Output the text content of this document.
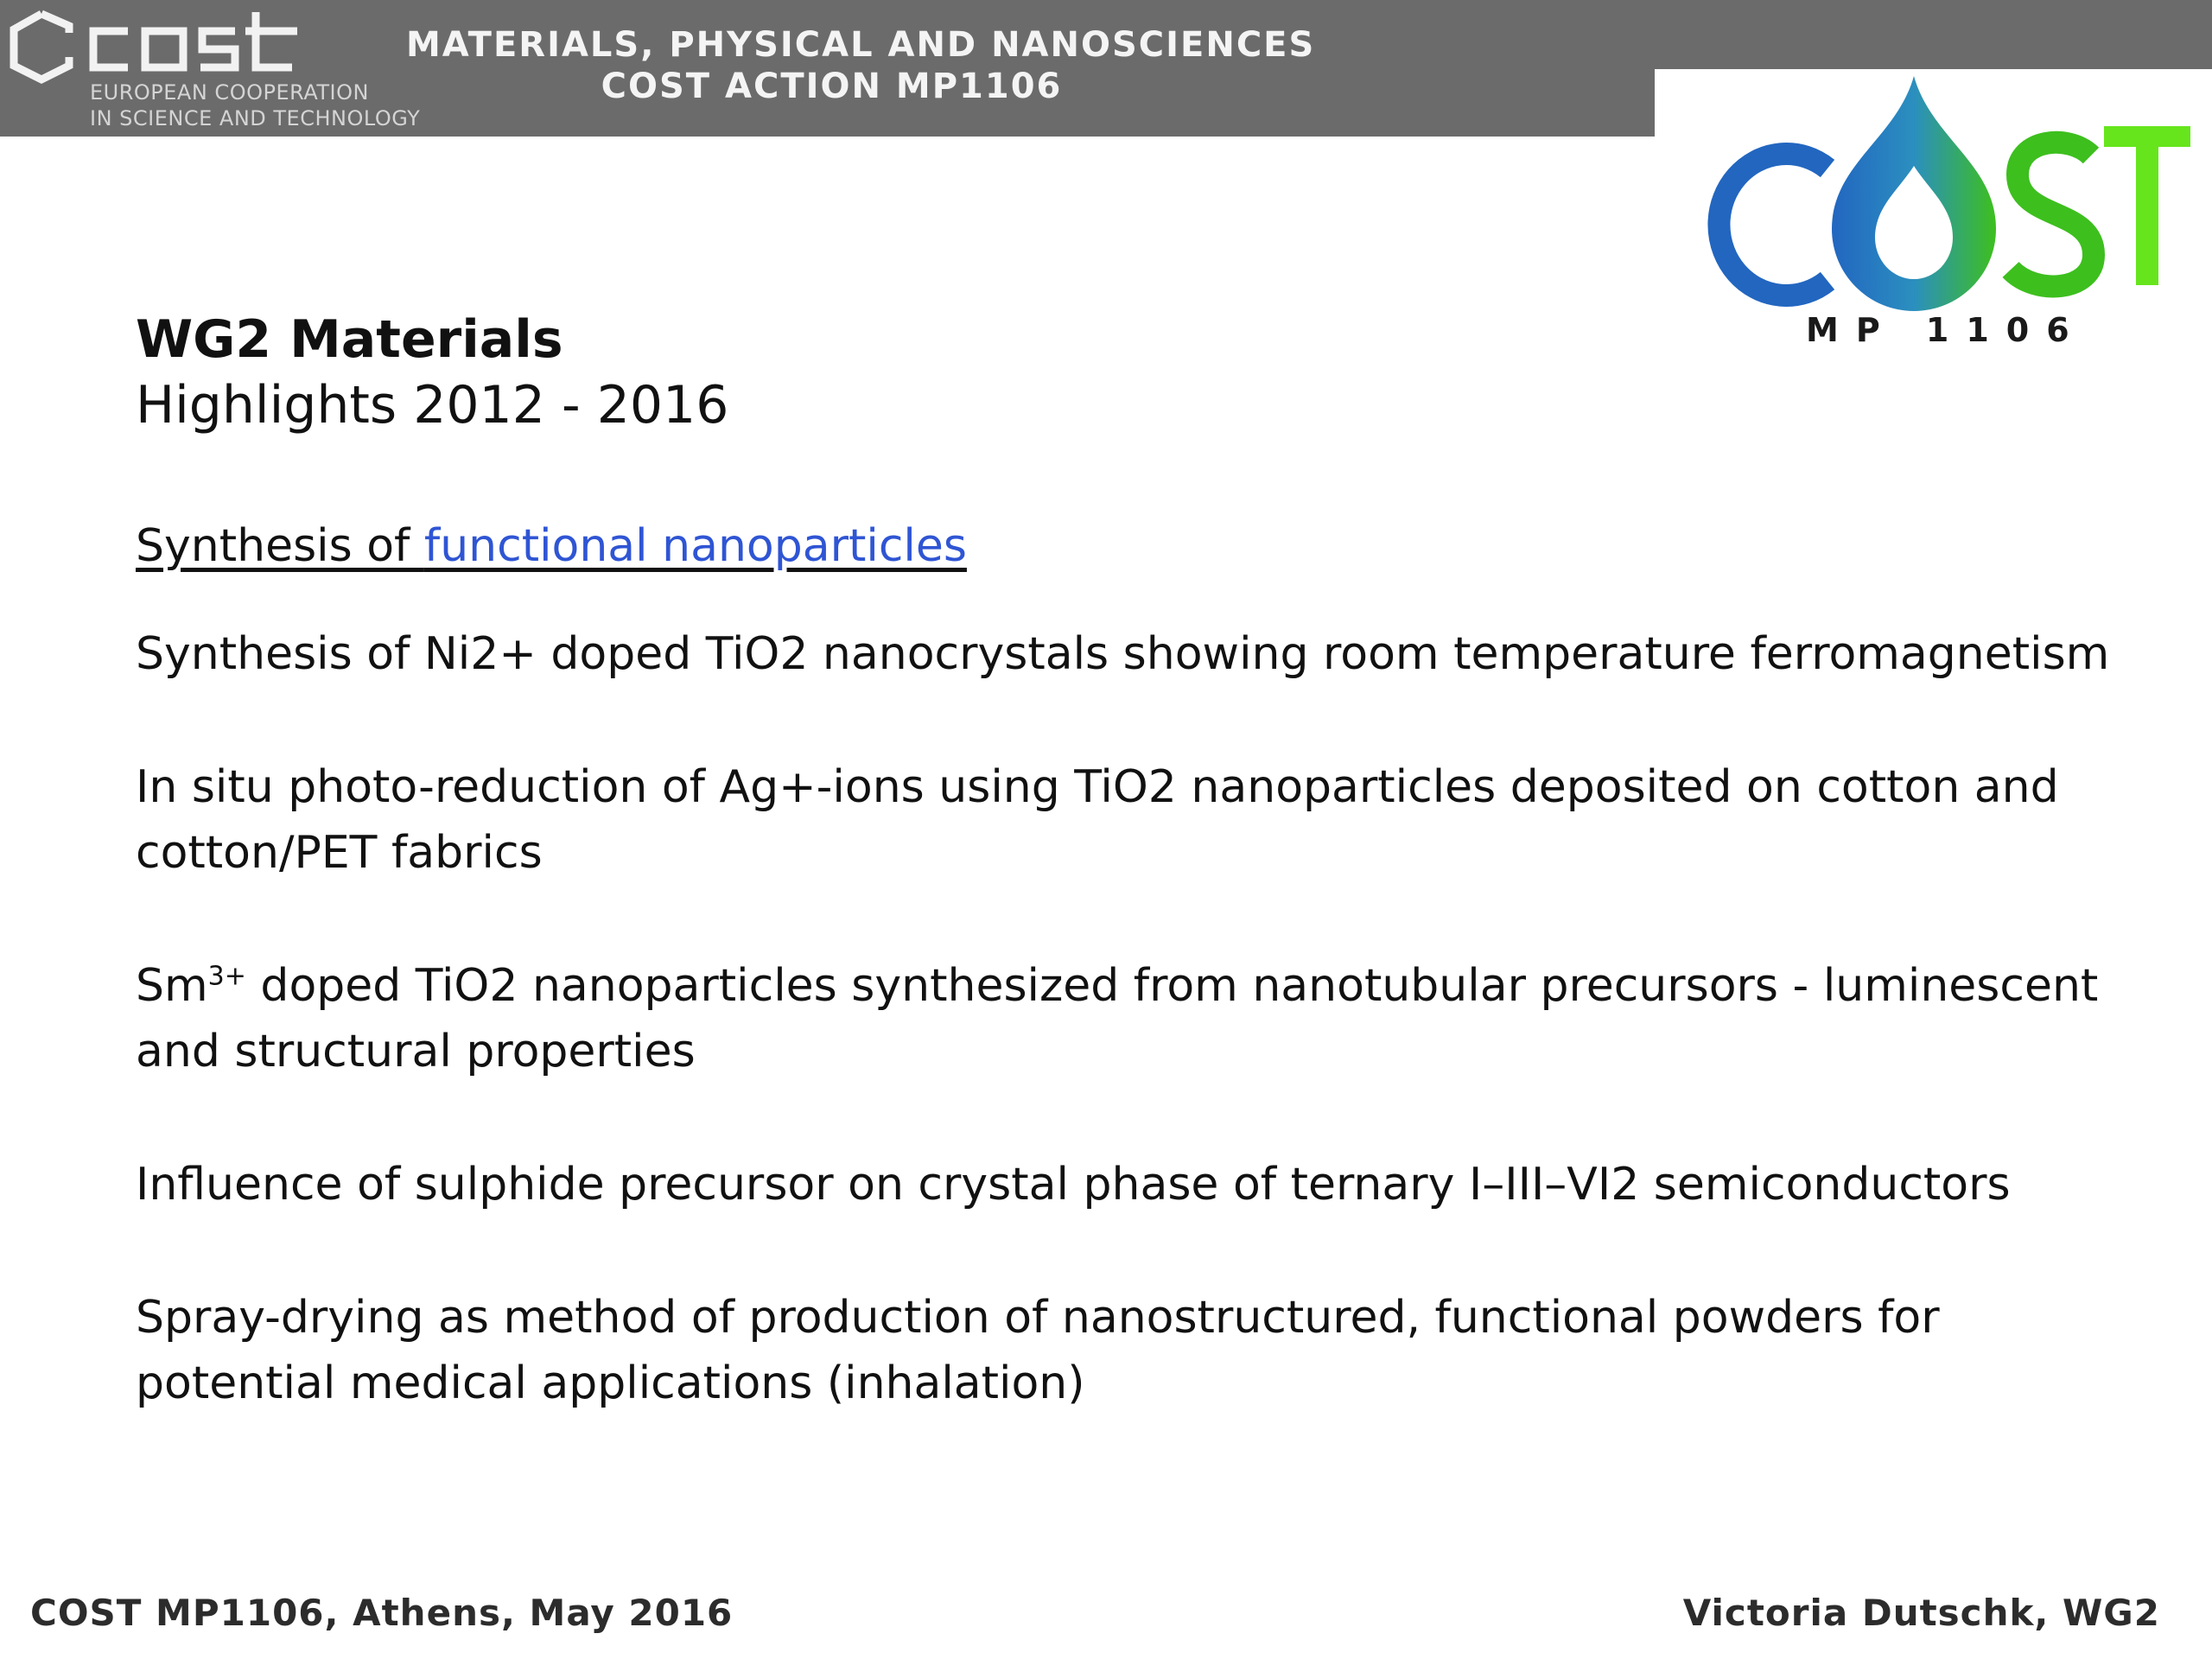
EUROPEAN COOPERATION
IN SCIENCE AND TECHNOLOGY
MATERIALS, PHYSICAL AND NANOSCIENCES
COST ACTION MP1106
MP 1106
WG2 Materials
Highlights 2012 - 2016
Synthesis of functional nanoparticles
Synthesis of Ni2+ doped TiO2 nanocrystals showing room temperature ferromagnetism
In situ photo-reduction of Ag+-ions using TiO2 nanoparticles deposited on cotton and cotton/PET fabrics
$Sm^{3+}$ doped TiO2 nanoparticles synthesized from nanotubular precursors - luminescent and structural properties
Influence of sulphide precursor on crystal phase of ternary I–III–VI2 semiconductors
Spray-drying as method of production of nanostructured, functional powders for potential medical applications (inhalation)
COST MP1106, Athens, May 2016	Victoria Dutschk, WG2
